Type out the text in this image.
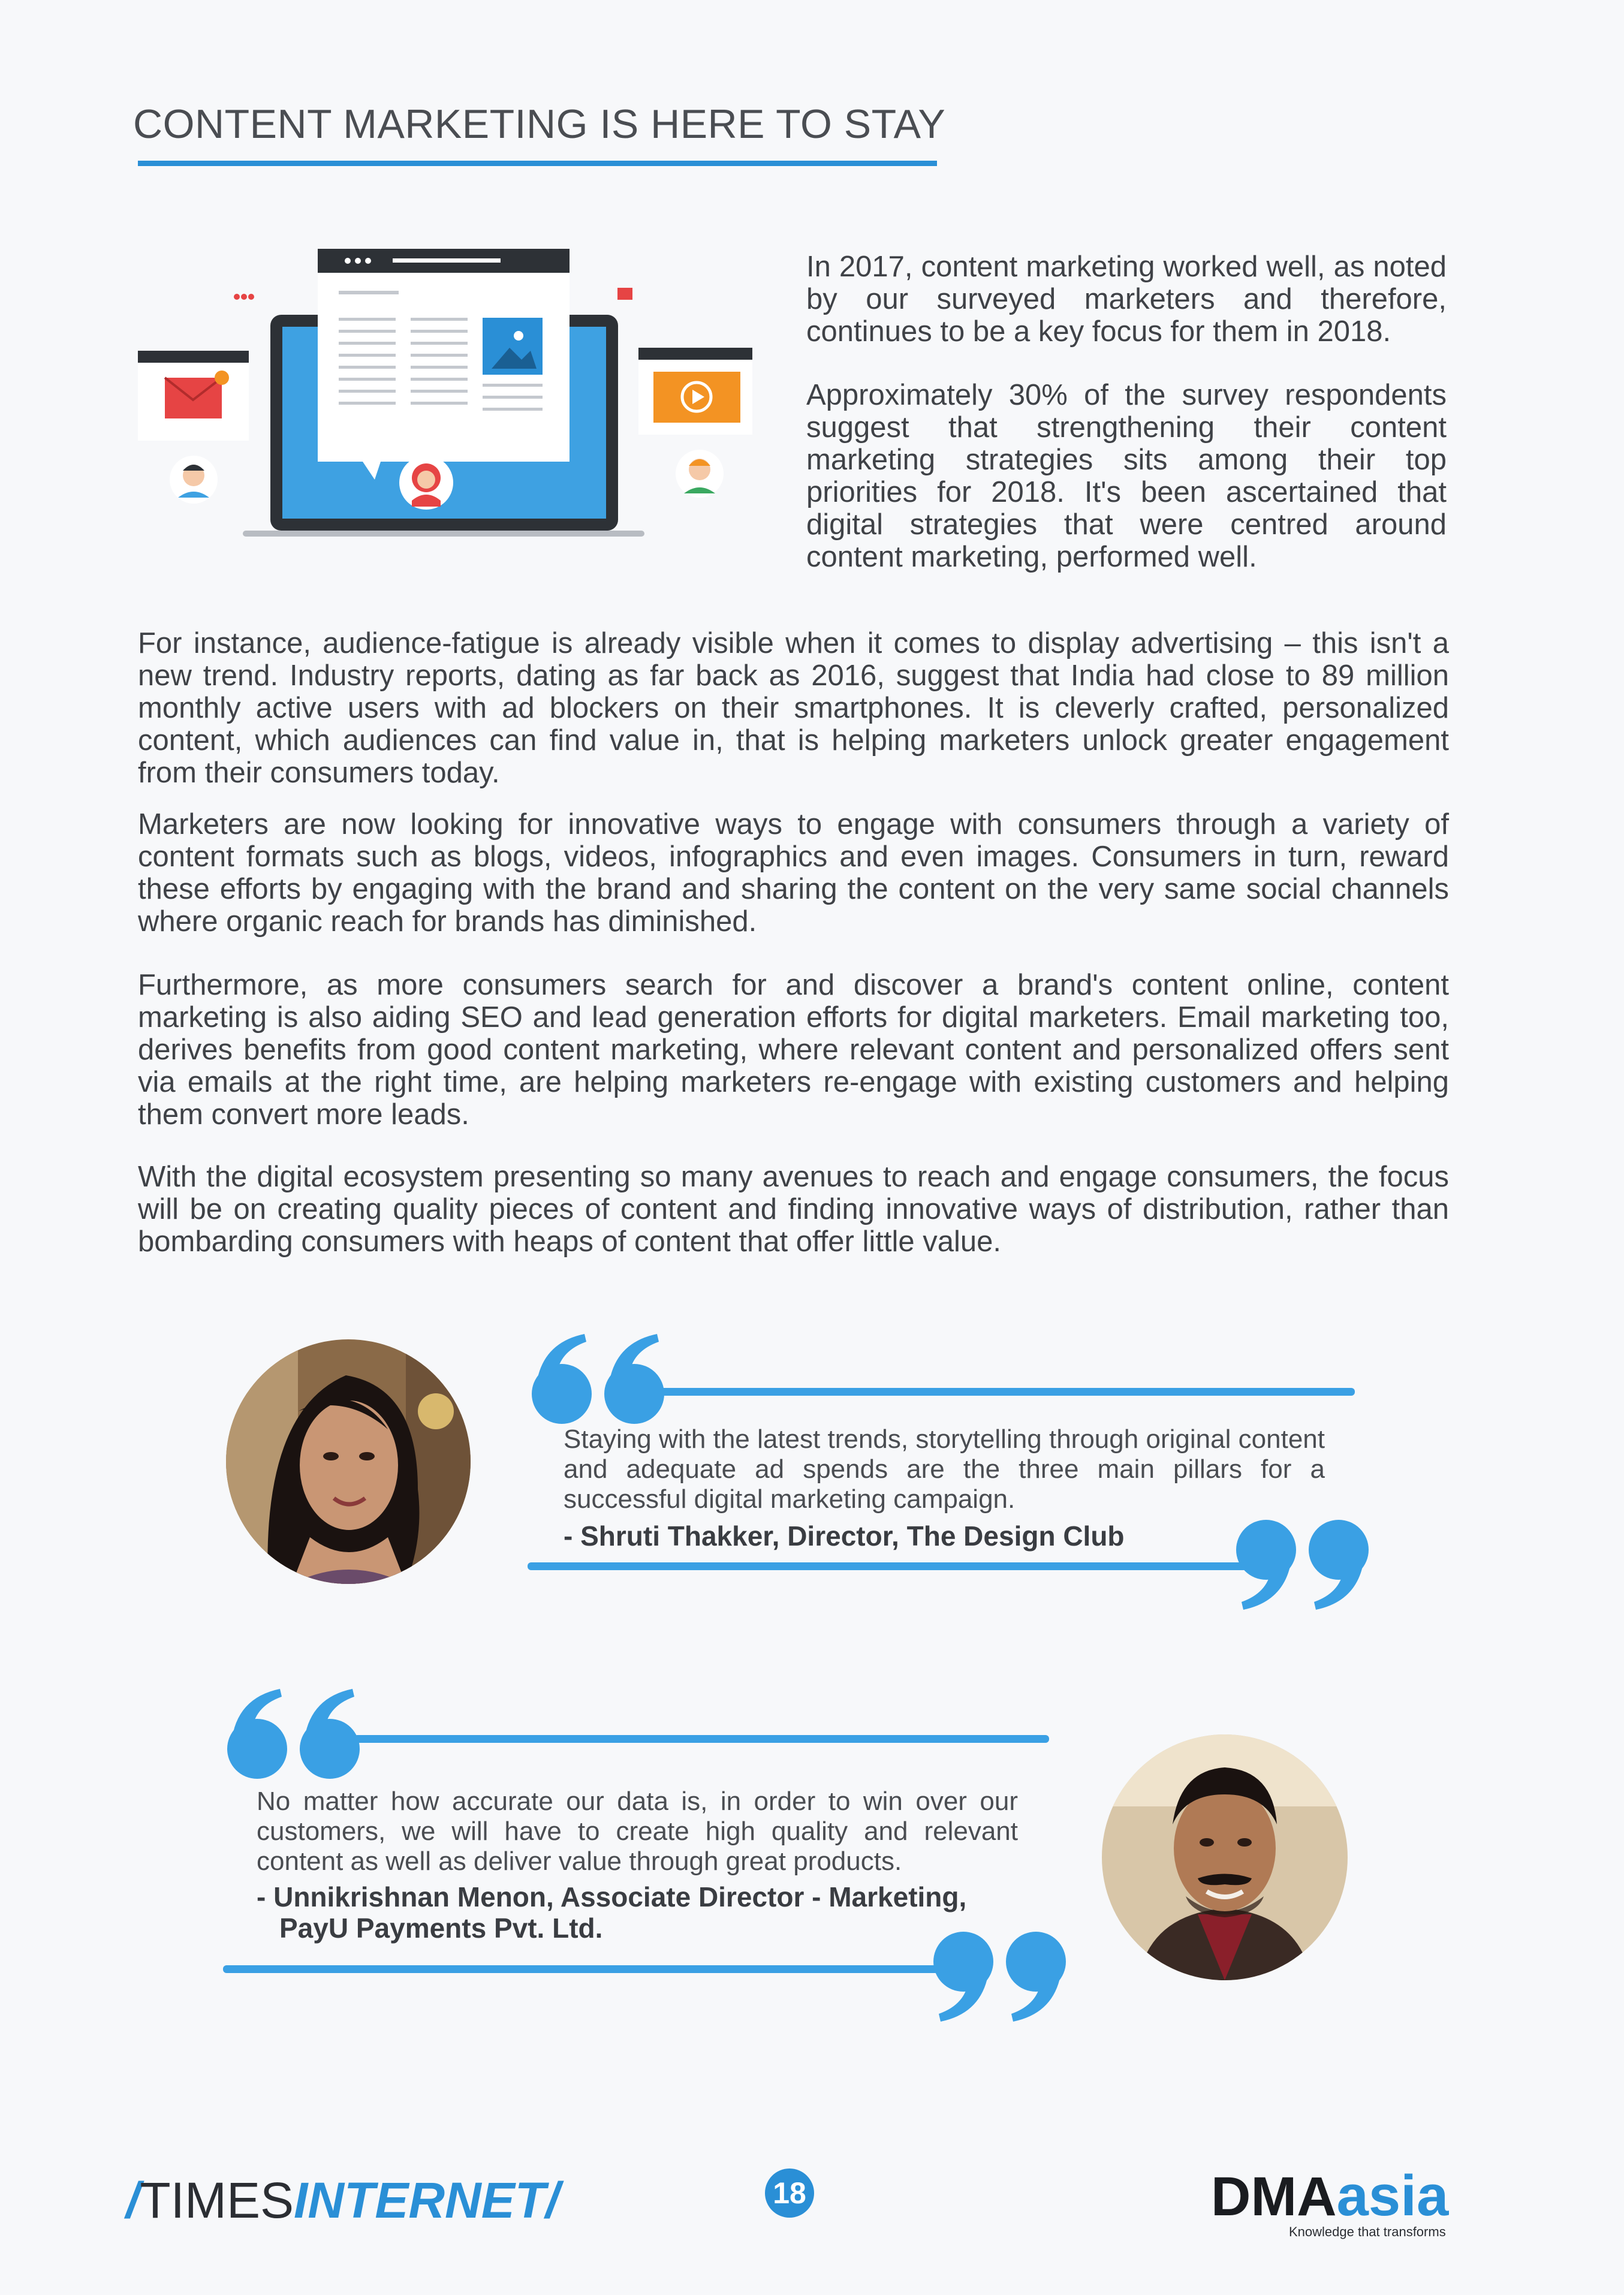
CONTENT MARKETING IS HERE TO STAY
In 2017, content marketing worked well, as noted by our surveyed marketers and therefore, continues to be a key focus for them in 2018.
Approximately 30% of the survey respondents suggest that strengthening their content marketing strategies sits among their top priorities for 2018. It's been ascertained that digital strategies that were centred around content marketing, performed well.
For instance, audience-fatigue is already visible when it comes to display advertising – this isn't a new trend. Industry reports, dating as far back as 2016, suggest that India had close to 89 million monthly active users with ad blockers on their smartphones. It is cleverly crafted, personalized content, which audiences can find value in, that is helping marketers unlock greater engagement from their consumers today.
Marketers are now looking for innovative ways to engage with consumers through a variety of content formats such as blogs, videos, infographics and even images. Consumers in turn, reward these efforts by engaging with the brand and sharing the content on the very same social channels where organic reach for brands has diminished.
Furthermore, as more consumers search for and discover a brand's content online, content marketing is also aiding SEO and lead generation efforts for digital marketers. Email marketing too, derives benefits from good content marketing, where relevant content and personalized offers sent via emails at the right time, are helping marketers re-engage with existing customers and helping them convert more leads.
With the digital ecosystem presenting so many avenues to reach and engage consumers, the focus will be on creating quality pieces of content and finding innovative ways of distribution, rather than bombarding consumers with heaps of content that offer little value.
Staying with the latest trends, storytelling through original content and adequate ad spends are the three main pillars for a successful digital marketing campaign.
- Shruti Thakker, Director, The Design Club
No matter how accurate our data is, in order to win over our customers, we will have to create high quality and relevant content as well as deliver value through great products.
- Unnikrishnan Menon, Associate Director - Marketing,
PayU Payments Pvt. Ltd.
/TIMESINTERNET/	18	DMAasia
Knowledge that transforms
